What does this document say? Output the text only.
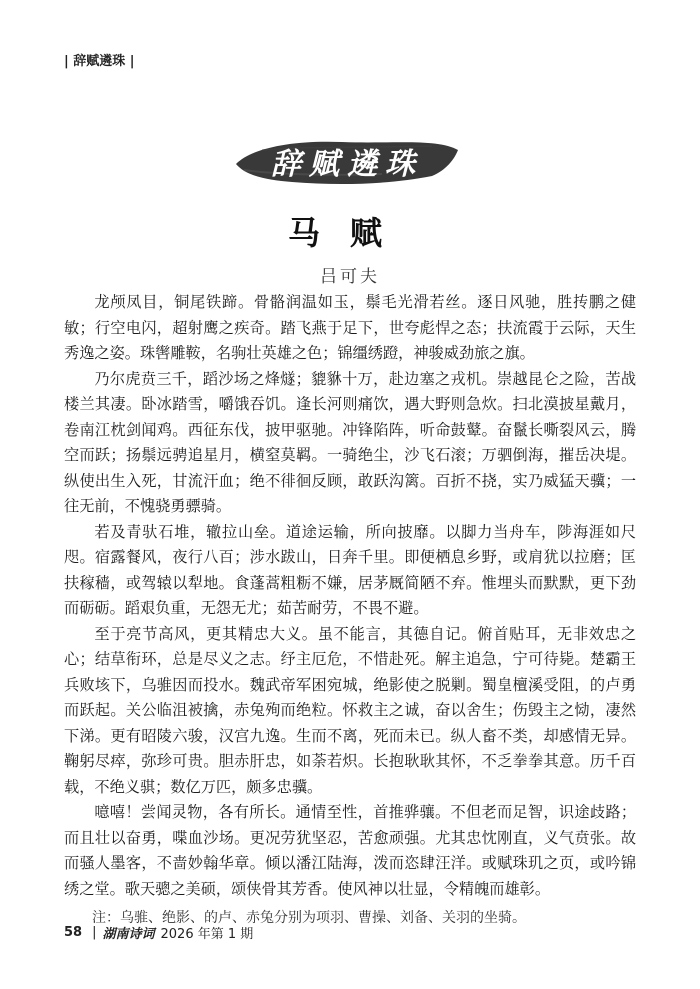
| 辞赋遴珠 |
辞赋遴珠
马赋
吕可夫

龙颅凤目，铜尾铁蹄。骨骼润温如玉，鬃毛光滑若丝。逐日风驰，胜抟鹏之健敏；行空电闪，超射鹰之疾奇。踏飞燕于足下，世夸彪悍之态；扶流霞于云际，天生秀逸之姿。珠辔雕鞍，名驹壮英雄之色；锦缰绣蹬，神骏威劲旅之旗。

乃尔虎贲三千，蹈沙场之烽燧；貔貅十万，赴边塞之戎机。崇越昆仑之险，苦战楼兰其凄。卧冰踏雪，嚼饿吞饥。逢长河则痛饮，遇大野则急炊。扫北漠披星戴月，卷南江枕剑闻鸡。西征东伐，披甲驱驰。冲锋陷阵，听命鼓鼙。奋鬣长嘶裂风云，腾空而跃；扬鬃远骋追星月，横窒莫羁。一骑绝尘，沙飞石滚；万驷倒海，摧岳决堤。纵使出生入死，甘流汗血；绝不徘徊反顾，敢跃沟篱。百折不挠，实乃威猛天骥；一往无前，不愧骁勇骠骑。

若及青驮石堆，辙拉山垒。道途运输，所向披靡。以脚力当舟车，陟海涯如尺咫。宿露餐风，夜行八百；涉水跋山，日奔千里。即便栖息乡野，或肩犹以拉磨；匡扶稼穑，或驾辕以犁地。食蓬蒿粗粝不嫌，居茅厩简陋不弃。惟埋头而默默，更下劲而砺砺。蹈艰负重，无怨无尤；茹苦耐劳，不畏不避。

至于亮节高风，更其精忠大义。虽不能言，其德自记。俯首贴耳，无非效忠之心；结草衔环，总是尽义之志。纾主厄危，不惜赴死。解主追急，宁可待毙。楚霸王兵败垓下，乌骓因而投水。魏武帝军困宛城，绝影使之脱剿。蜀皇檀溪受阻，的卢勇而跃起。关公临沮被擒，赤兔殉而绝粒。怀救主之诚，奋以舍生；伤毁主之恸，凄然下涕。更有昭陵六骏，汉宫九逸。生而不离，死而未已。纵人畜不类，却感情无异。鞠躬尽瘁，弥珍可贵。胆赤肝忠，如荼若炽。长抱耿耿其怀，不乏拳拳其意。历千百载，不绝义骐；数亿万匹，颇多忠骥。

噫嘻！尝闻灵物，各有所长。通情至性，首推骅骧。不但老而足智，识途歧路；而且壮以奋勇，喋血沙场。更况劳犹坚忍，苦愈顽强。尤其忠忱刚直，义气贲张。故而骚人墨客，不啬妙翰华章。倾以潘江陆海，泼而恣肆汪洋。或赋珠玑之页，或吟锦绣之堂。歌天骢之美硕，颂侠骨其芳香。使风神以壮显，令精魄而雄彰。

注：乌骓、绝影、的卢、赤兔分别为项羽、曹操、刘备、关羽的坐骑。

58 | 湖南诗词 2026 年第 1 期
